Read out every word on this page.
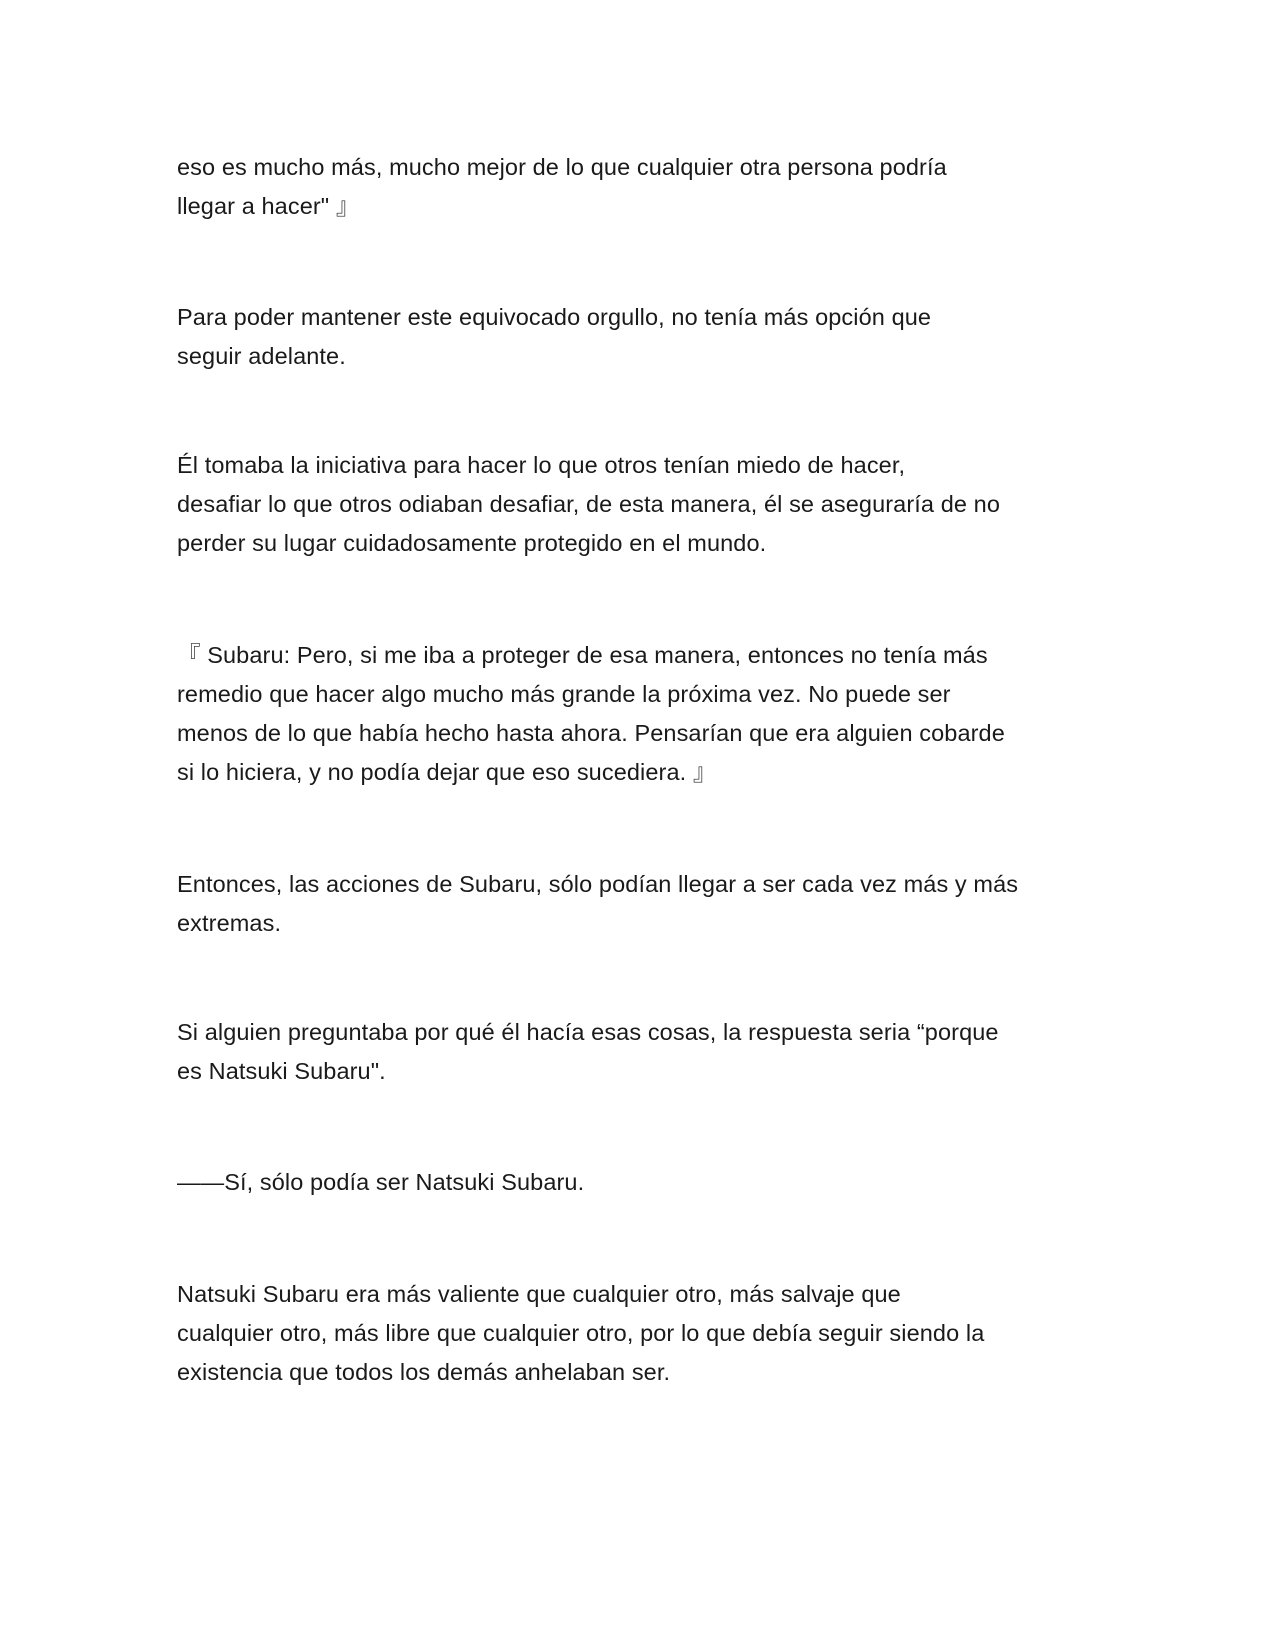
eso es mucho más, mucho mejor de lo que cualquier otra persona podría
llegar a hacer" 』

Para poder mantener este equivocado orgullo, no tenía más opción que
seguir adelante.

Él tomaba la iniciativa para hacer lo que otros tenían miedo de hacer,
desafiar lo que otros odiaban desafiar, de esta manera, él se aseguraría de no
perder su lugar cuidadosamente protegido en el mundo.

『 Subaru: Pero, si me iba a proteger de esa manera, entonces no tenía más
remedio que hacer algo mucho más grande la próxima vez. No puede ser
menos de lo que había hecho hasta ahora. Pensarían que era alguien cobarde
si lo hiciera, y no podía dejar que eso sucediera. 』

Entonces, las acciones de Subaru, sólo podían llegar a ser cada vez más y más
extremas.

Si alguien preguntaba por qué él hacía esas cosas, la respuesta seria “porque
es Natsuki Subaru".

——Sí, sólo podía ser Natsuki Subaru.

Natsuki Subaru era más valiente que cualquier otro, más salvaje que
cualquier otro, más libre que cualquier otro, por lo que debía seguir siendo la
existencia que todos los demás anhelaban ser.
